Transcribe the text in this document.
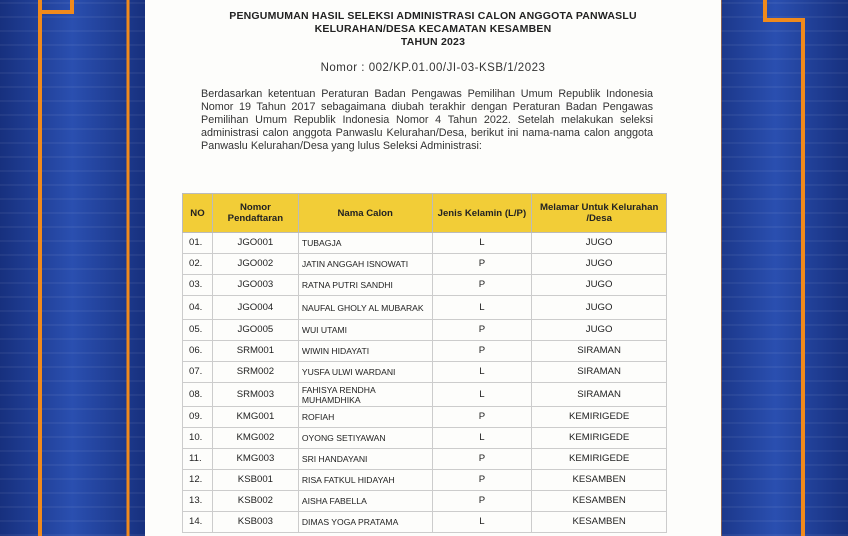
PENGUMUMAN HASIL SELEKSI ADMINISTRASI CALON ANGGOTA PANWASLU
KELURAHAN/DESA KECAMATAN KESAMBEN
TAHUN 2023
Nomor : 002/KP.01.00/JI-03-KSB/1/2023
Berdasarkan ketentuan Peraturan Badan Pengawas Pemilihan Umum Republik Indonesia Nomor 19 Tahun 2017 sebagaimana diubah terakhir dengan Peraturan Badan Pengawas Pemilihan Umum Republik Indonesia Nomor 4 Tahun 2022. Setelah melakukan seleksi administrasi calon anggota Panwaslu Kelurahan/Desa, berikut ini nama-nama calon anggota Panwaslu Kelurahan/Desa yang lulus Seleksi Administrasi:
NO	Nomor Pendaftaran	Nama Calon	Jenis Kelamin (L/P)	Melamar Untuk Kelurahan /Desa
01.	JGO001	TUBAGJA	L	JUGO
02.	JGO002	JATIN ANGGAH ISNOWATI	P	JUGO
03.	JGO003	RATNA PUTRI SANDHI	P	JUGO
04.	JGO004	NAUFAL GHOLY AL MUBARAK	L	JUGO
05.	JGO005	WUI UTAMI	P	JUGO
06.	SRM001	WIWIN HIDAYATI	P	SIRAMAN
07.	SRM002	YUSFA ULWI WARDANI	L	SIRAMAN
08.	SRM003	FAHISYA RENDHA MUHAMDHIKA	L	SIRAMAN
09.	KMG001	ROFIAH	P	KEMIRIGEDE
10.	KMG002	OYONG SETIYAWAN	L	KEMIRIGEDE
11.	KMG003	SRI HANDAYANI	P	KEMIRIGEDE
12.	KSB001	RISA FATKUL HIDAYAH	P	KESAMBEN
13.	KSB002	AISHA FABELLA	P	KESAMBEN
14.	KSB003	DIMAS YOGA PRATAMA	L	KESAMBEN
